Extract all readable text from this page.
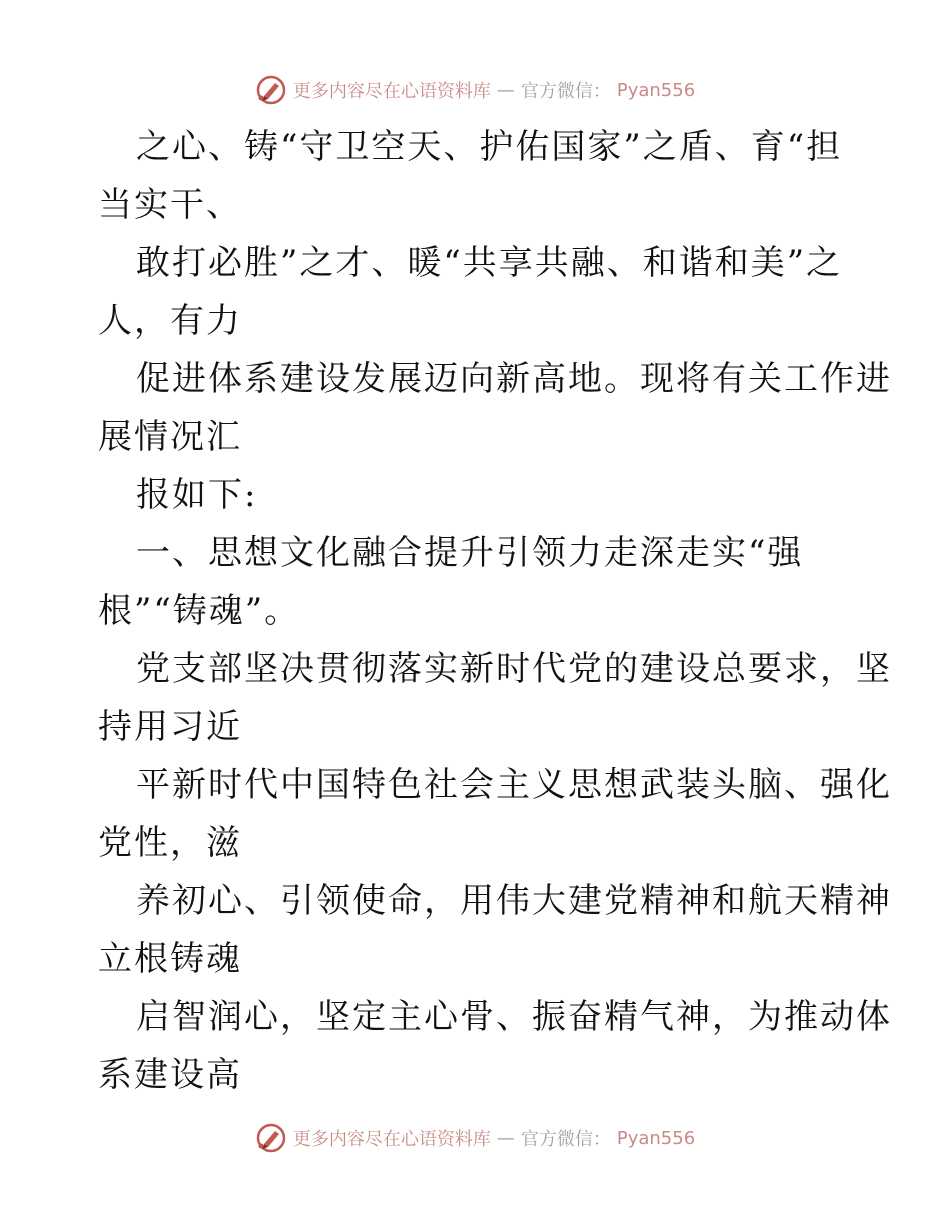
更多内容尽在心语资料库 — 官方微信： Pyan556
之心、铸“守卫空天、护佑国家”之盾、育“担
当实干、
敢打必胜”之才、暖“共享共融、和谐和美”之
人，有力
促进体系建设发展迈向新高地。现将有关工作进
展情况汇
报如下:
一、思想文化融合提升引领力走深走实“强
根”“铸魂”。
党支部坚决贯彻落实新时代党的建设总要求，坚
持用习近
平新时代中国特色社会主义思想武装头脑、强化
党性，滋
养初心、引领使命，用伟大建党精神和航天精神
立根铸魂
启智润心，坚定主心骨、振奋精气神，为推动体
系建设高
更多内容尽在心语资料库 — 官方微信： Pyan556
